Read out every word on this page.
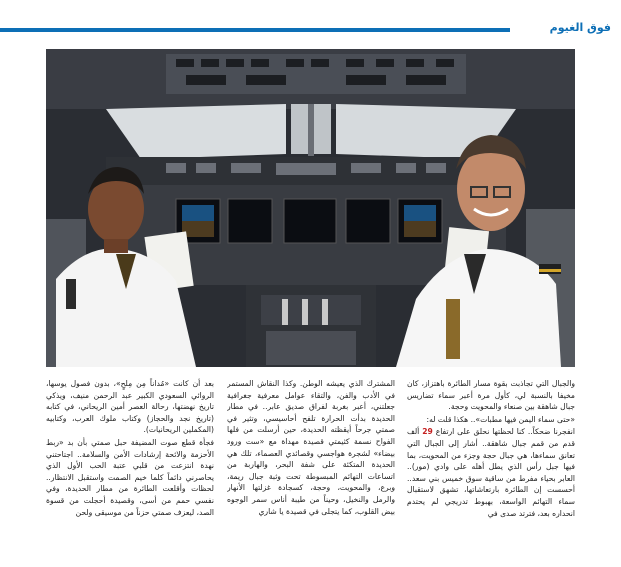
فوق الغيوم

والجبال التي تجاذبت بقوة مسار الطائرة باهتزاز، كان مخيفا بالنسبة لي، كأول مرة أعبر سماء تضاريس جبال شاهقة بين صنعاء والمحويت وحجة.

«حتى سماء اليمن فيها مطبات».. هكذا قلت له:

انفجرنا ضحكاً.. كنا لحظتها نحلق على ارتفاع 29 ألف قدم من قمم جبال شاهقة.. أشار إلى الجبال التي تعانق سماءها، هي جبال حجة وجزء من المحويت، بما فيها جبل رأس الذي يطل أهله على وادي (مور).. العابر بحياء مفرط من ساقية سوق خميس بني سعد.. أحسست إن الطائرة بارتعاشاتها، تشهق لاستقبال سماء التهائم الواسعة، بهبوط تدريجي لم يحتدم انحداره بعد، فترتد صدى في

المشترك الذي يعيشه الوطن. وكذا النقاش المستمر في الأدب والفن، والتقاء عوامل معرفية جغرافية جعلتني، أعبر بغربة لفراق صديق عابر.. في مطار الحديدة بدأت الحرارة تلفح أحاسيسي، وتثير في صمتي جرحاً أيقظته الحديدة، حين أرسلت من فلها الفواح نسمة كثيمتي قصيدة مهداة مع «ست ورود بيضاء» لشجرة هواجسي وقصائدي العصماء، تلك هي الحديدة المتكئة على شفة البحر، والهاربة من اتساعات التهائم المبسوطة تحت وثبة جبال ريمة، وبرع، والمحويت، وحجة، كسجادة غزلتها الأنهار والرمل والنخيل، وحيناً من طيبة أناس سمر الوجوه بيض القلوب، كما يتجلى في قصيدة يا شاري

بعد أن كانت «مُداناً مِن مِلحٍ»، بدون فصول يوسها، الروائي السعودي الكبير عبد الرحمن منيف، ويذكي تاريخ نهضتها، رحالة العصر أمين الريحاني، في كتابه (تاريخ نجد والحجاز) وكتاب ملوك العرب، وكتابيه (المكملين الريحانيات).

فجأة قطع صوت المضيفة حبل صمتي بأن بد «ربط الأحزمة والائحة إرشادات الأمن والسلامة.. اجتاحتني نهدة انتزعت من قلبي عتبة الحب الأول الذي يحاصرني دائماً كلما خيم الصمت واستقبل الانتظار.. لحظات وأقلعت الطائرة من مطار الحديدة، وفي نفسي حمم من أسى، وقصيدة أحجلت من قسوة الصد، ليعزف صمتي حزناً من موسيقى ولحن
